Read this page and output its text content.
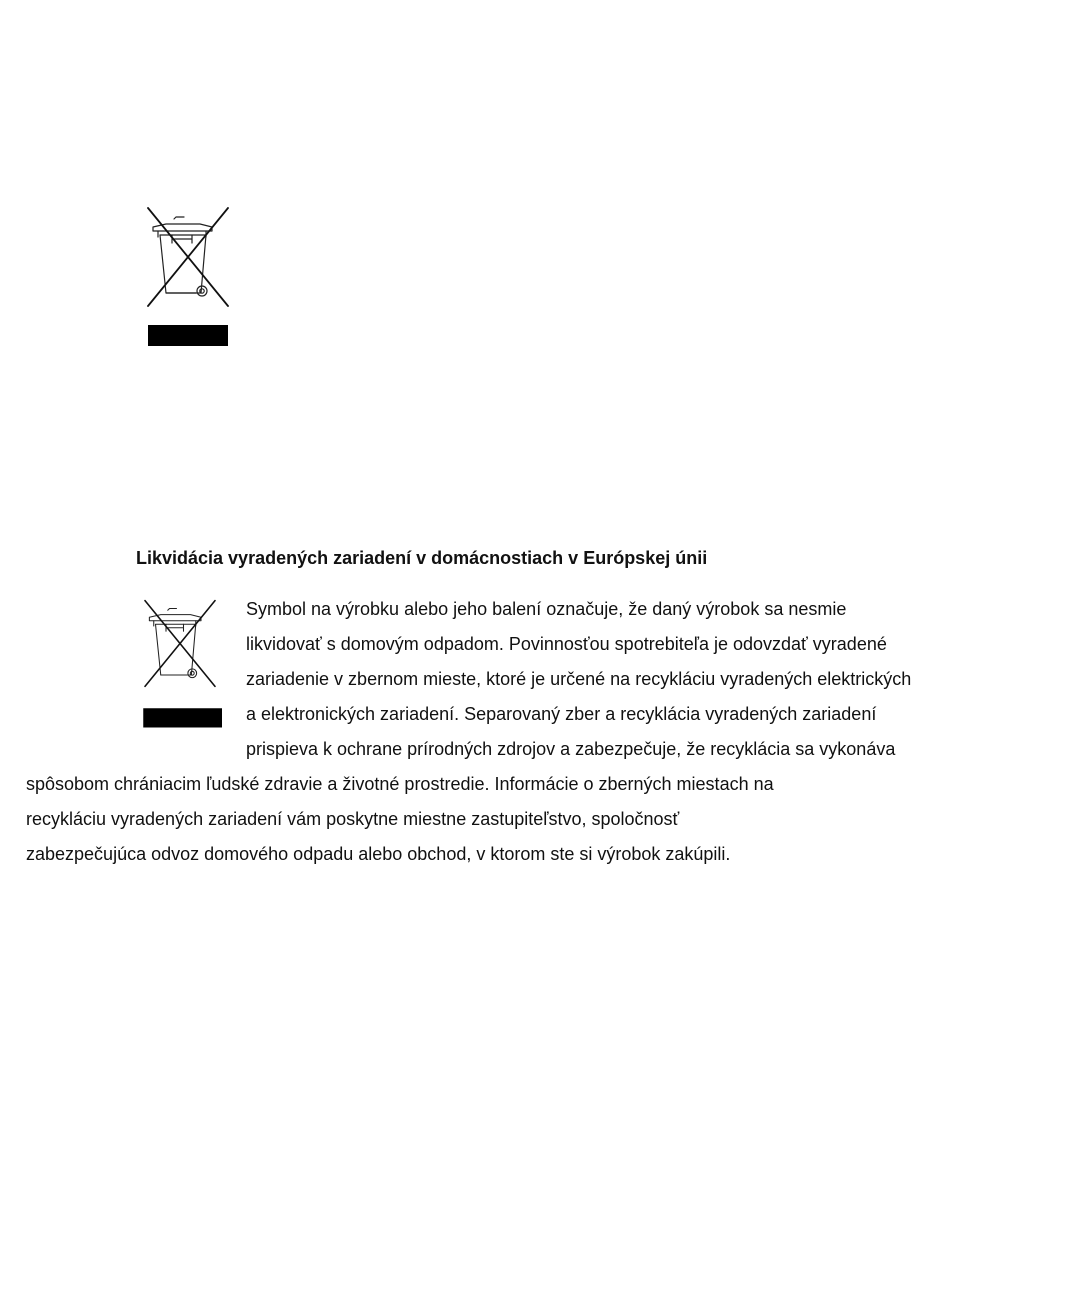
Likvidácia vyradených zariadení v domácnostiach v Európskej únii

Symbol na výrobku alebo jeho balení označuje, že daný výrobok sa nesmie
likvidovať s domovým odpadom. Povinnosťou spotrebiteľa je odovzdať vyradené
zariadenie v zbernom mieste, ktoré je určené na recykláciu vyradených elektrických
a elektronických zariadení. Separovaný zber a recyklácia vyradených zariadení
prispieva k ochrane prírodných zdrojov a zabezpečuje, že recyklácia sa vykonáva
spôsobom chrániacim ľudské zdravie a životné prostredie. Informácie o zberných miestach na
recykláciu vyradených zariadení vám poskytne miestne zastupiteľstvo, spoločnosť
zabezpečujúca odvoz domového odpadu alebo obchod, v ktorom ste si výrobok zakúpili.
